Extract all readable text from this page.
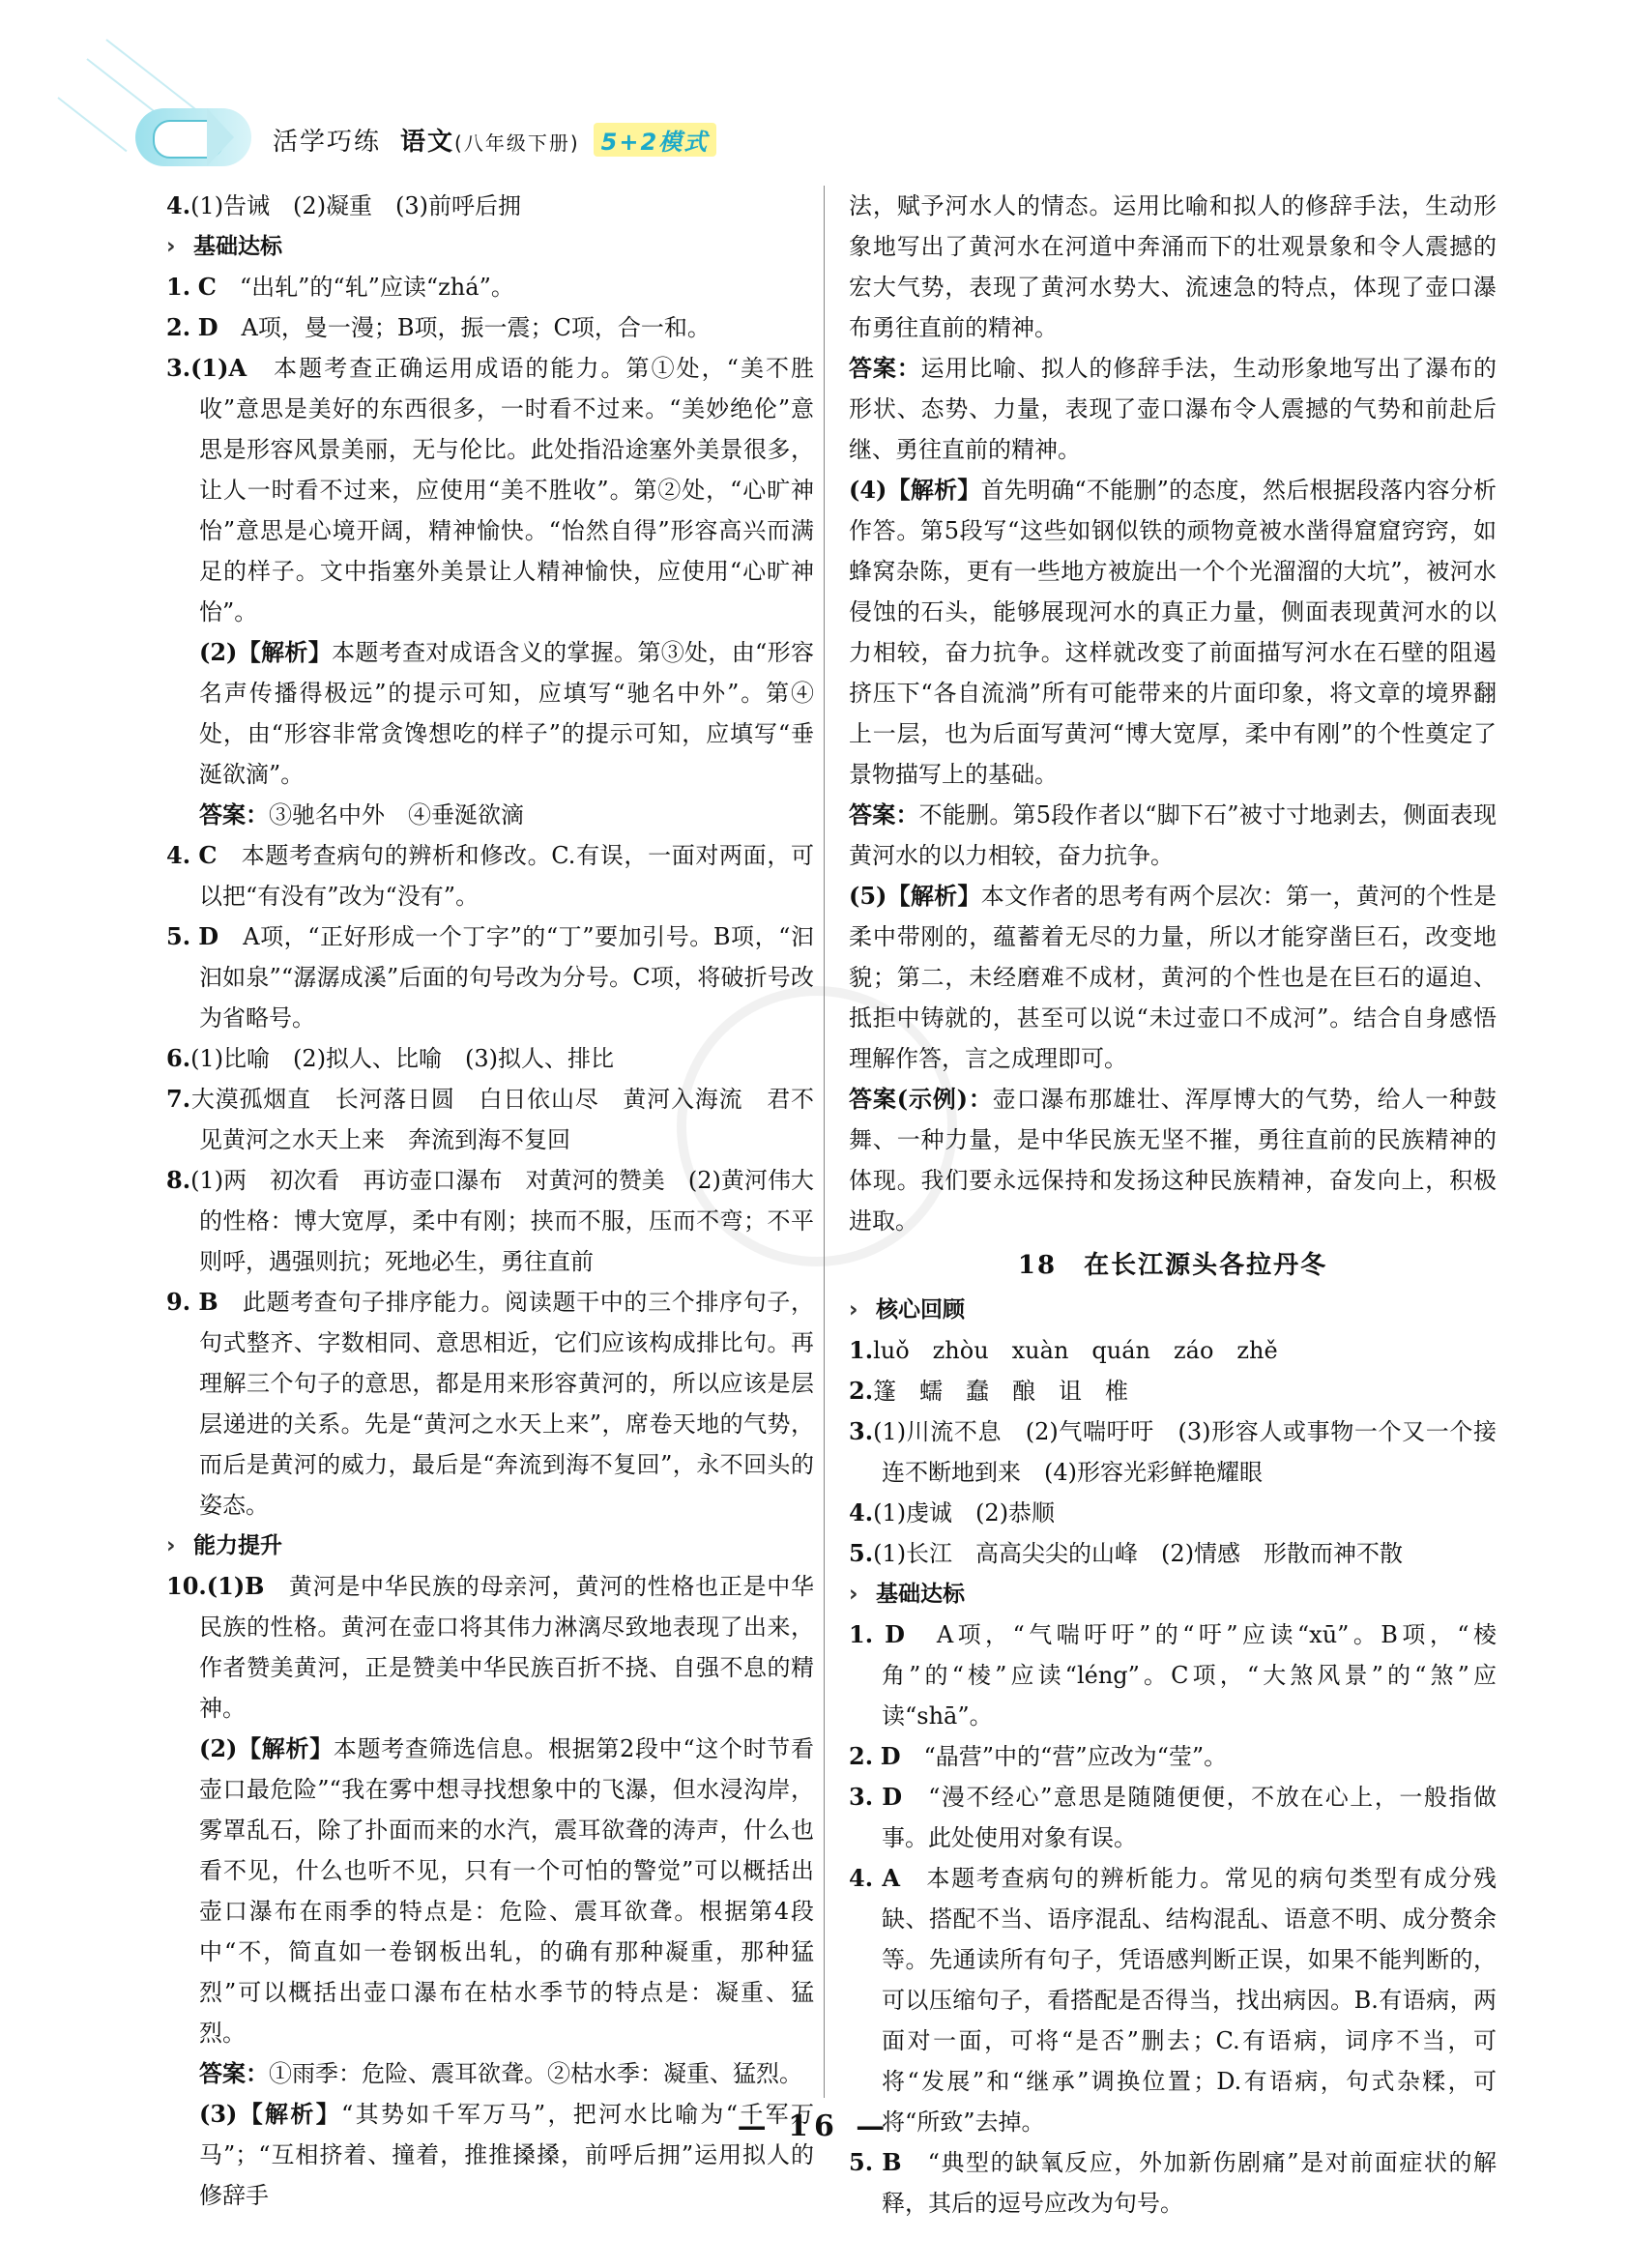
活学巧练 语文(八年级下册) 5+2模式

4.(1)告诫　(2)凝重　(3)前呼后拥

› 基础达标

1. C　 “出轧”的“轧”应读“zhá”。

2. D　 A项，曼一漫；B项，振一震；C项，合一和。

3.(1)A　 本题考查正确运用成语的能力。第①处，“美不胜收”意思是美好的东西很多，一时看不过来。“美妙绝伦”意思是形容风景美丽，无与伦比。此处指沿途塞外美景很多，让人一时看不过来，应使用“美不胜收”。第②处，“心旷神怡”意思是心境开阔，精神愉快。“怡然自得”形容高兴而满足的样子。文中指塞外美景让人精神愉快，应使用“心旷神怡”。

(2)【解析】本题考查对成语含义的掌握。第③处，由“形容名声传播得极远”的提示可知，应填写“驰名中外”。第④处，由“形容非常贪馋想吃的样子”的提示可知，应填写“垂涎欲滴”。

答案：③驰名中外　④垂涎欲滴

4. C　 本题考查病句的辨析和修改。C.有误，一面对两面，可以把“有没有”改为“没有”。

5. D　 A项，“正好形成一个丁字”的“丁”要加引号。B项，“汩汩如泉”“潺潺成溪”后面的句号改为分号。C项，将破折号改为省略号。

6.(1)比喻　(2)拟人、比喻　(3)拟人、排比

7.大漠孤烟直　长河落日圆　白日依山尽　黄河入海流　君不见黄河之水天上来　奔流到海不复回

8.(1)两　初次看　再访壶口瀑布　对黄河的赞美　(2)黄河伟大的性格：博大宽厚，柔中有刚；挟而不服，压而不弯；不平则呼，遇强则抗；死地必生，勇往直前

9. B　 此题考查句子排序能力。阅读题干中的三个排序句子，句式整齐、字数相同、意思相近，它们应该构成排比句。再理解三个句子的意思，都是用来形容黄河的，所以应该是层层递进的关系。先是“黄河之水天上来”，席卷天地的气势，而后是黄河的威力，最后是“奔流到海不复回”，永不回头的姿态。

› 能力提升

10.(1)B　 黄河是中华民族的母亲河，黄河的性格也正是中华民族的性格。黄河在壶口将其伟力淋漓尽致地表现了出来，作者赞美黄河，正是赞美中华民族百折不挠、自强不息的精神。

(2)【解析】本题考查筛选信息。根据第2段中“这个时节看壶口最危险”“我在雾中想寻找想象中的飞瀑，但水浸沟岸，雾罩乱石，除了扑面而来的水汽，震耳欲聋的涛声，什么也看不见，什么也听不见，只有一个可怕的警觉”可以概括出壶口瀑布在雨季的特点是：危险、震耳欲聋。根据第4段中“不，简直如一卷钢板出轧，的确有那种凝重，那种猛烈”可以概括出壶口瀑布在枯水季节的特点是：凝重、猛烈。

答案：①雨季：危险、震耳欲聋。②枯水季：凝重、猛烈。

(3)【解析】“其势如千军万马”，把河水比喻为“千军万马”；“互相挤着、撞着，推推搡搡，前呼后拥”运用拟人的修辞手

法，赋予河水人的情态。运用比喻和拟人的修辞手法，生动形象地写出了黄河水在河道中奔涌而下的壮观景象和令人震撼的宏大气势，表现了黄河水势大、流速急的特点，体现了壶口瀑布勇往直前的精神。

答案：运用比喻、拟人的修辞手法，生动形象地写出了瀑布的形状、态势、力量，表现了壶口瀑布令人震撼的气势和前赴后继、勇往直前的精神。

(4)【解析】首先明确“不能删”的态度，然后根据段落内容分析作答。第5段写“这些如钢似铁的顽物竟被水凿得窟窟窍窍，如蜂窝杂陈，更有一些地方被旋出一个个光溜溜的大坑”，被河水侵蚀的石头，能够展现河水的真正力量，侧面表现黄河水的以力相较，奋力抗争。这样就改变了前面描写河水在石壁的阻遏挤压下“各自流淌”所有可能带来的片面印象，将文章的境界翻上一层，也为后面写黄河“博大宽厚，柔中有刚”的个性奠定了景物描写上的基础。

答案：不能删。第5段作者以“脚下石”被寸寸地剥去，侧面表现黄河水的以力相较，奋力抗争。

(5)【解析】本文作者的思考有两个层次：第一，黄河的个性是柔中带刚的，蕴蓄着无尽的力量，所以才能穿凿巨石，改变地貌；第二，未经磨难不成材，黄河的个性也是在巨石的逼迫、抵拒中铸就的，甚至可以说“未过壶口不成河”。结合自身感悟理解作答，言之成理即可。

答案(示例)：壶口瀑布那雄壮、浑厚博大的气势，给人一种鼓舞、一种力量，是中华民族无坚不摧，勇往直前的民族精神的体现。我们要永远保持和发扬这种民族精神，奋发向上，积极进取。

18　 在长江源头各拉丹冬

› 核心回顾

1.luǒ　zhòu　xuàn　quán　záo　zhě

2.篷　蠕　蠢　酿　诅　椎

3.(1)川流不息　(2)气喘吁吁　(3)形容人或事物一个又一个接连不断地到来　(4)形容光彩鲜艳耀眼

4.(1)虔诚　(2)恭顺

5.(1)长江　高高尖尖的山峰　(2)情感　形散而神不散

› 基础达标

1. D　 A项，“气喘吁吁”的“吁”应读“xū”。B项，“棱角”的“棱”应读“léng”。C项，“大煞风景”的“煞”应读“shā”。

2. D　 “晶营”中的“营”应改为“莹”。

3. D　 “漫不经心”意思是随随便便，不放在心上，一般指做事。此处使用对象有误。

4. A　 本题考查病句的辨析能力。常见的病句类型有成分残缺、搭配不当、语序混乱、结构混乱、语意不明、成分赘余等。先通读所有句子，凭语感判断正误，如果不能判断的，可以压缩句子，看搭配是否得当，找出病因。B.有语病，两面对一面，可将“是否”删去；C.有语病，词序不当，可将“发展”和“继承”调换位置；D.有语病，句式杂糅，可将“所致”去掉。

5. B　 “典型的缺氧反应，外加新伤剧痛”是对前面症状的解释，其后的逗号应改为句号。

— 16 —
